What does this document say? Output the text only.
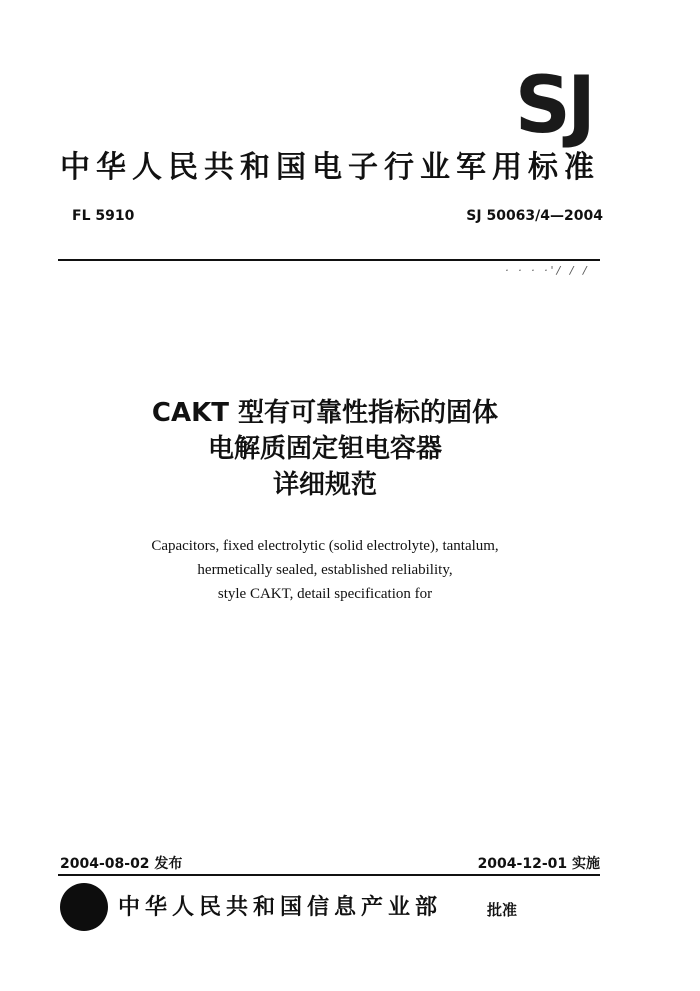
SJ
中华人民共和国电子行业军用标准
FL 5910	SJ 50063/4—2004
· · · ·'/ / /
CAKT 型有可靠性指标的固体
电解质固定钽电容器
详细规范
Capacitors, fixed electrolytic (solid electrolyte), tantalum,
hermetically sealed, established reliability,
style CAKT, detail specification for
2004-08-02 发布	2004-12-01 实施
中华人民共和国信息产业部	批准
